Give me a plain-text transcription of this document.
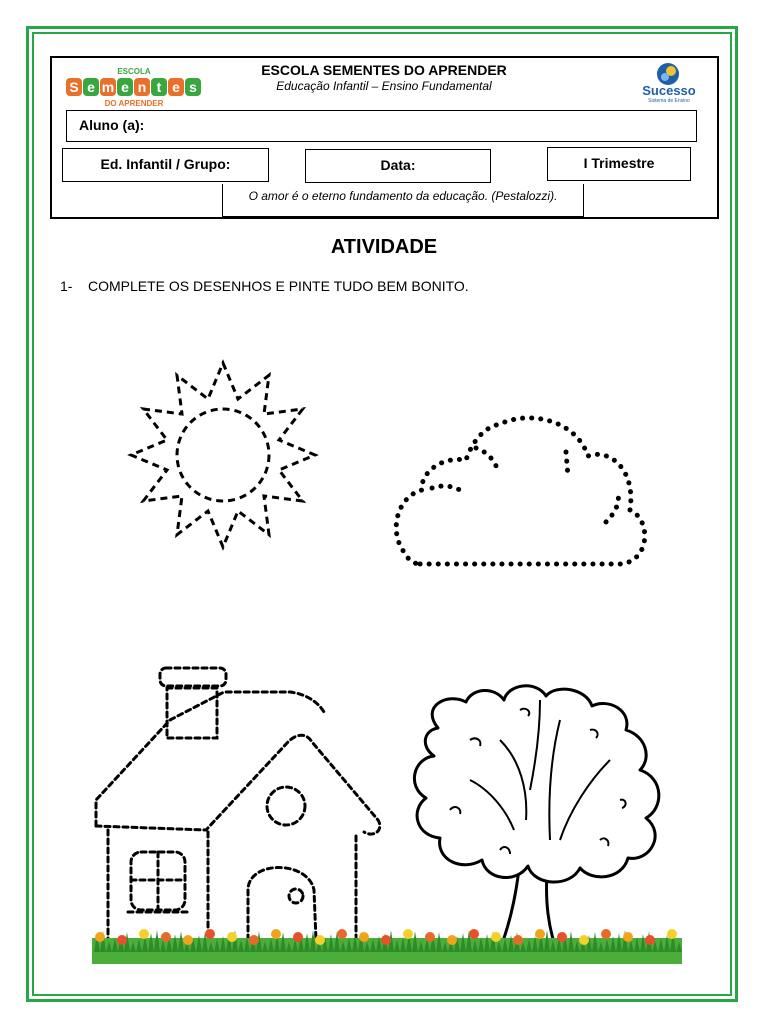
ESCOLA
S e m e n t e s
DO APRENDER
Sucesso
Sistema de Ensino
ESCOLA SEMENTES DO APRENDER
Educação Infantil – Ensino Fundamental
Aluno (a):
Ed. Infantil / Grupo:	Data:	I Trimestre
O amor é o eterno fundamento da educação. (Pestalozzi).
ATIVIDADE
1- COMPLETE OS DESENHOS E PINTE TUDO BEM BONITO.
